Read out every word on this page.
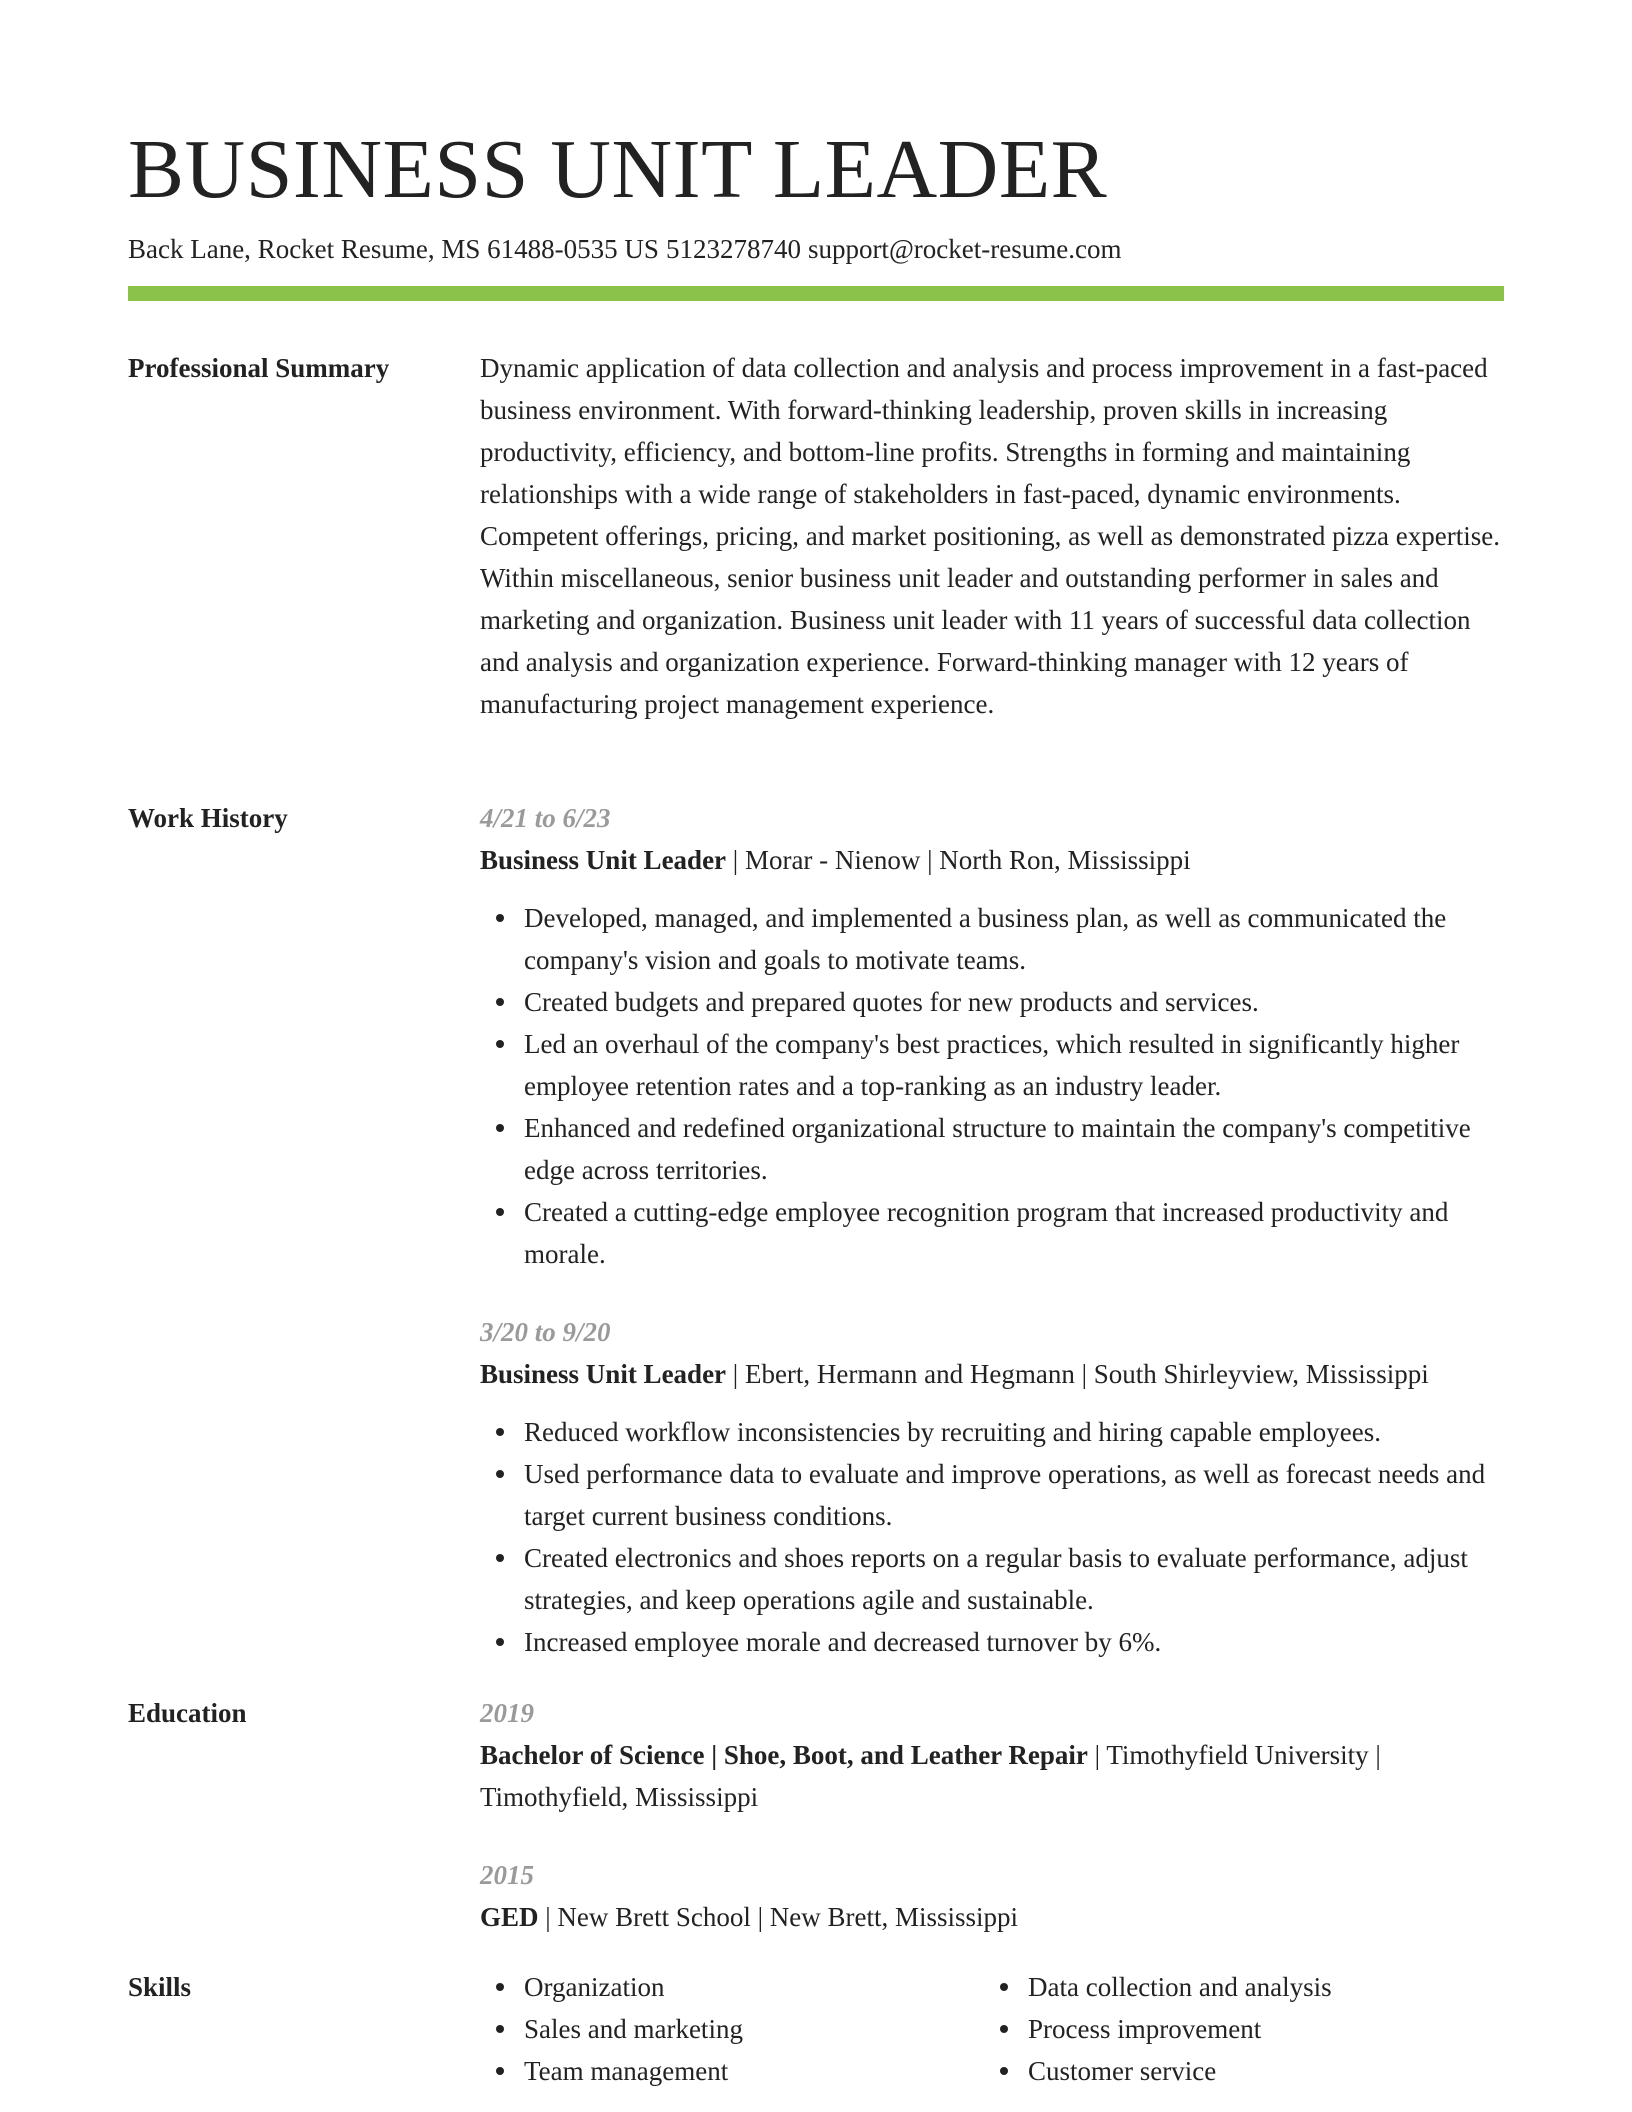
BUSINESS UNIT LEADER
Back Lane, Rocket Resume, MS 61488-0535 US 5123278740 support@rocket-resume.com
Professional Summary	Dynamic application of data collection and analysis and process improvement in a fast-paced business environment. With forward-thinking leadership, proven skills in increasing productivity, efficiency, and bottom-line profits. Strengths in forming and maintaining relationships with a wide range of stakeholders in fast-paced, dynamic environments. Competent offerings, pricing, and market positioning, as well as demonstrated pizza expertise. Within miscellaneous, senior business unit leader and outstanding performer in sales and marketing and organization. Business unit leader with 11 years of successful data collection and analysis and organization experience. Forward-thinking manager with 12 years of manufacturing project management experience.

Work History	4/21 to 6/23
Business Unit Leader | Morar - Nienow | North Ron, Mississippi
Developed, managed, and implemented a business plan, as well as communicated the company's vision and goals to motivate teams.
Created budgets and prepared quotes for new products and services.
Led an overhaul of the company's best practices, which resulted in significantly higher employee retention rates and a top-ranking as an industry leader.
Enhanced and redefined organizational structure to maintain the company's competitive edge across territories.
Created a cutting-edge employee recognition program that increased productivity and morale.
3/20 to 9/20
Business Unit Leader | Ebert, Hermann and Hegmann | South Shirleyview, Mississippi
Reduced workflow inconsistencies by recruiting and hiring capable employees.
Used performance data to evaluate and improve operations, as well as forecast needs and target current business conditions.
Created electronics and shoes reports on a regular basis to evaluate performance, adjust strategies, and keep operations agile and sustainable.
Increased employee morale and decreased turnover by 6%.
Education	2019
Bachelor of Science | Shoe, Boot, and Leather Repair | Timothyfield University | Timothyfield, Mississippi
2015
GED | New Brett School | New Brett, Mississippi
Skills	Organization
Sales and marketing
Team management
Data collection and analysis
Process improvement
Customer service
